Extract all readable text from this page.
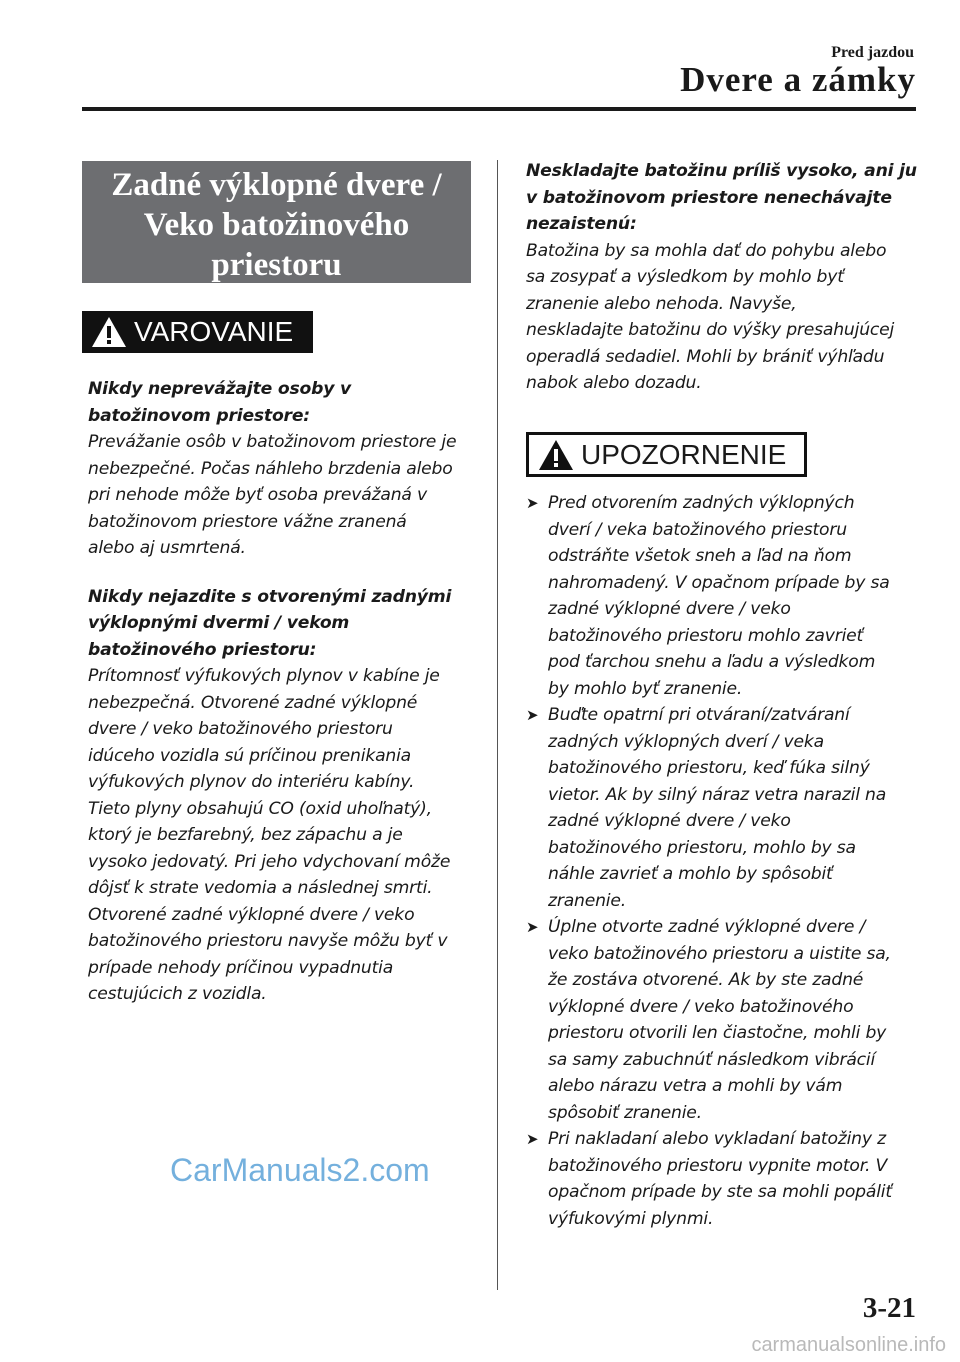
Pred jazdou
Dvere a zámky
Zadné výklopné dvere /
Veko batožinového
priestoru
VAROVANIE

Nikdy neprevážajte osoby v batožinovom priestore:

Prevážanie osôb v batožinovom priestore je

nebezpečné. Počas náhleho brzdenia alebo

pri nehode môže byť osoba prevážaná v

batožinovom priestore vážne zranená

alebo aj usmrtená.

Nikdy nejazdite s otvorenými zadnými výklopnými dvermi / vekom batožinového priestoru:

Prítomnosť výfukových plynov v kabíne je

nebezpečná. Otvorené zadné výklopné

dvere / veko batožinového priestoru

idúceho vozidla sú príčinou prenikania

výfukových plynov do interiéru kabíny.

Tieto plyny obsahujú CO (oxid uhoľnatý),

ktorý je bezfarebný, bez zápachu a je

vysoko jedovatý. Pri jeho vdychovaní môže

dôjsť k strate vedomia a následnej smrti.

Otvorené zadné výklopné dvere / veko

batožinového priestoru navyše môžu byť v

prípade nehody príčinou vypadnutia

cestujúcich z vozidla.

Neskladajte batožinu príliš vysoko, ani ju v batožinovom priestore nenechávajte nezaistenú:

Batožina by sa mohla dať do pohybu alebo

sa zosypať a výsledkom by mohlo byť

zranenie alebo nehoda. Navyše,

neskladajte batožinu do výšky presahujúcej

operadlá sedadiel. Mohli by brániť výhľadu

nabok alebo dozadu.

UPOZORNENIE
➤ Pred otvorením zadných výklopných

dverí / veka batožinového priestoru

odstráňte všetok sneh a ľad na ňom

nahromadený. V opačnom prípade by sa

zadné výklopné dvere / veko

batožinového priestoru mohlo zavrieť

pod ťarchou snehu a ľadu a výsledkom

by mohlo byť zranenie.

➤ Buďte opatrní pri otváraní/zatváraní

zadných výklopných dverí / veka

batožinového priestoru, keď fúka silný

vietor. Ak by silný náraz vetra narazil na

zadné výklopné dvere / veko

batožinového priestoru, mohlo by sa

náhle zavrieť a mohlo by spôsobiť

zranenie.

➤ Úplne otvorte zadné výklopné dvere /

veko batožinového priestoru a uistite sa,

že zostáva otvorené. Ak by ste zadné

výklopné dvere / veko batožinového

priestoru otvorili len čiastočne, mohli by

sa samy zabuchnúť následkom vibrácií

alebo nárazu vetra a mohli by vám

spôsobiť zranenie.

➤ Pri nakladaní alebo vykladaní batožiny z

batožinového priestoru vypnite motor. V

opačnom prípade by ste sa mohli popáliť

výfukovými plynmi.

CarManuals2.com
3-21
carmanualsonline.info
